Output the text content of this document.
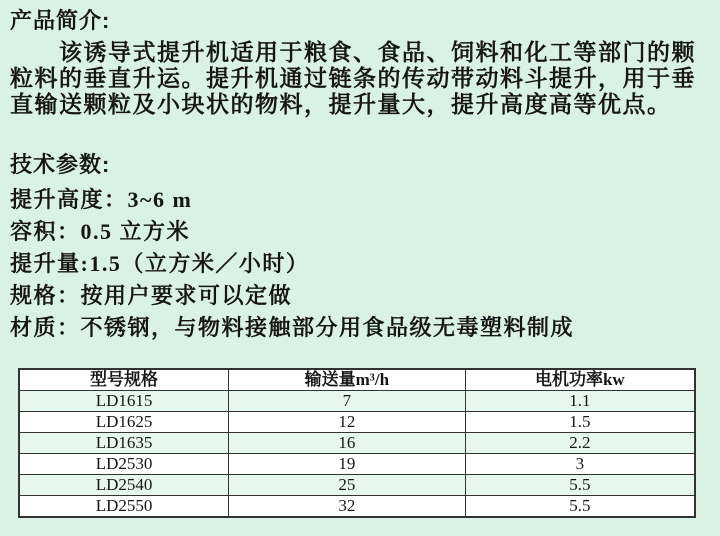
产品简介:
该诱导式提升机适用于粮食、食品、饲料和化工等部门的颗
粒料的垂直升运。提升机通过链条的传动带动料斗提升，用于垂
直输送颗粒及小块状的物料，提升量大，提升高度高等优点。
技术参数:
提升高度：3~6 m
容积：0.5 立方米
提升量:1.5（立方米／小时）
规格：按用户要求可以定做
材质：不锈钢，与物料接触部分用食品级无毒塑料制成
型号规格	输送量m³/h	电机功率kw
LD1615	7	1.1
LD1625	12	1.5
LD1635	16	2.2
LD2530	19	3
LD2540	25	5.5
LD2550	32	5.5
